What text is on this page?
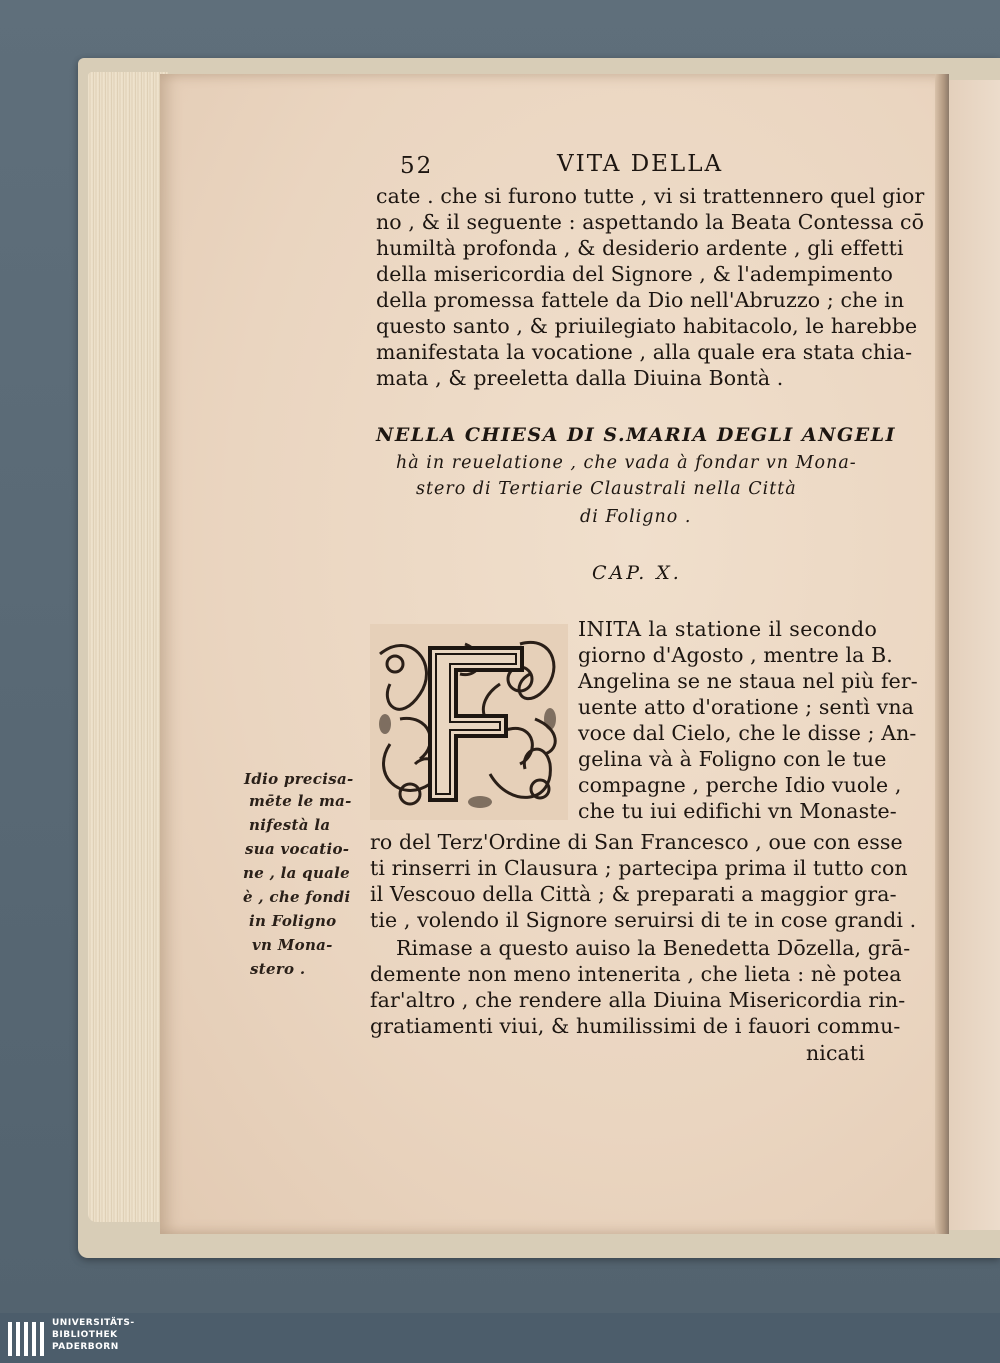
52	VITA DELLA

cate . che si furono tutte , vi si trattennero quel gior

no , & il seguente : aspettando la Beata Contessa cō

humiltà profonda , & desiderio ardente , gli effetti

della misericordia del Signore , & l'adempimento

della promessa fattele da Dio nell'Abruzzo ; che in

questo santo , & priuilegiato habitacolo, le harebbe

manifestata la vocatione , alla quale era stata chia-

mata , & preeletta dalla Diuina Bontà .

NELLA CHIESA DI S.MARIA DEGLI ANGELI

hà in reuelatione , che vada à fondar vn Mona-

stero di Tertiarie Claustrali nella Città

di Foligno .

CAP. X.

INITA la statione il secondo

giorno d'Agosto , mentre la B.

Angelina se ne staua nel più fer-

uente atto d'oratione ; sentì vna

voce dal Cielo, che le disse ; An-

gelina và à Foligno con le tue

compagne , perche Idio vuole ,

che tu iui edifichi vn Monaste-

ro del Terz'Ordine di San Francesco , oue con esse

ti rinserri in Clausura ; partecipa prima il tutto con

il Vescouo della Città ; & preparati a maggior gra-

tie , volendo il Signore seruirsi di te in cose grandi .

Rimase a questo auiso la Benedetta Dōzella, grā-

demente non meno intenerita , che lieta : nè potea

far'altro , che rendere alla Diuina Misericordia rin-

gratiamenti viui, & humilissimi de i fauori commu-

nicati

Idio precisa-

mēte le ma-

nifestà la

sua vocatio-

ne , la quale

è , che fondi

in Foligno

vn Mona-

stero .

UNIVERSITÄTS-
BIBLIOTHEK
PADERBORN
